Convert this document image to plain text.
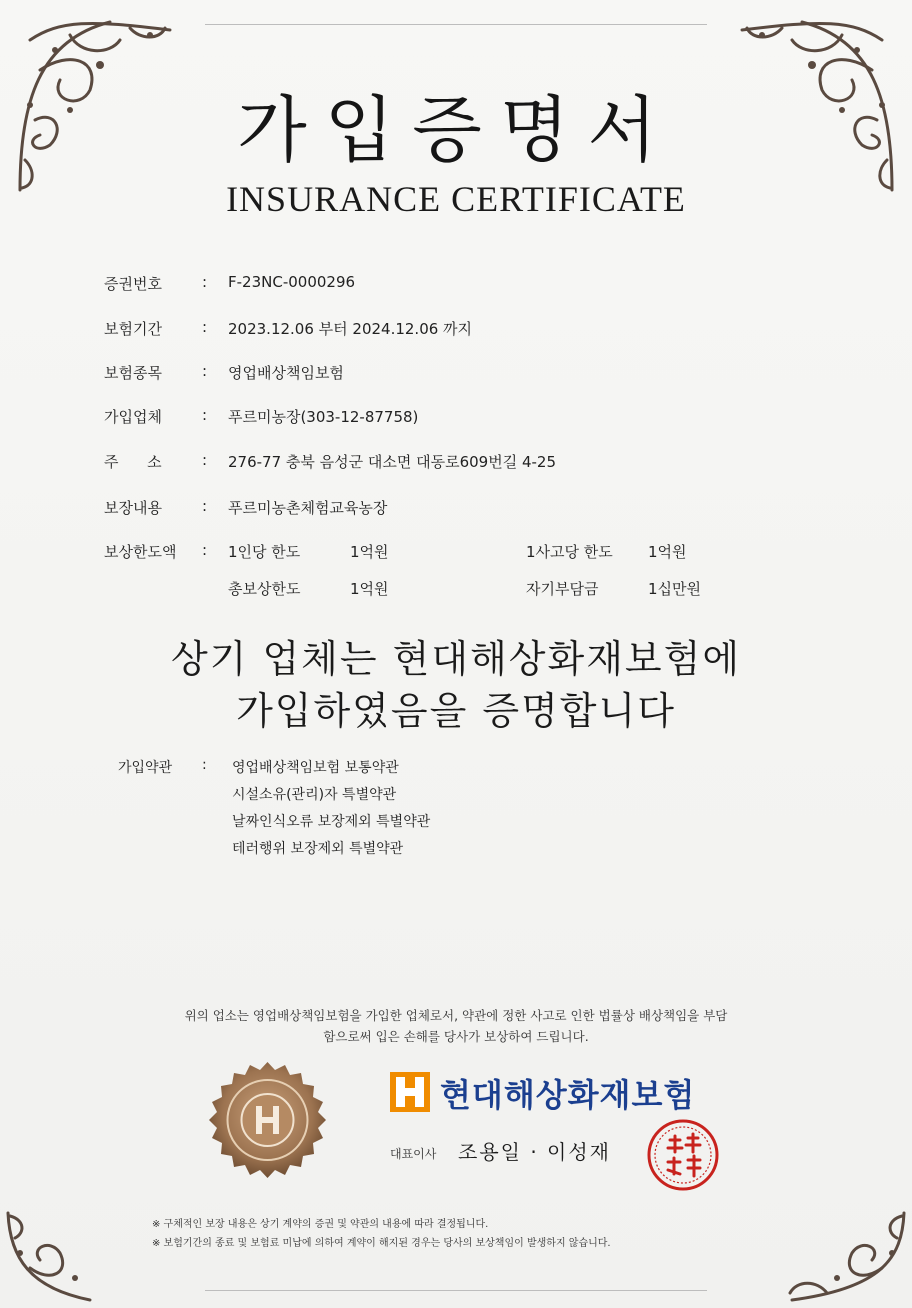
가입증명서
INSURANCE CERTIFICATE
증권번호	: F-23NC-0000296
보험기간	: 2023.12.06 부터 2024.12.06 까지
보험종목	: 영업배상책임보험
가입업체	: 푸르미농장(303-12-87758)
주      소	: 276-77 충북 음성군 대소면 대동로609번길 4-25
보장내용	: 푸르미농촌체험교육농장
보상한도액 : 1인당 한도	1억원	1사고당 한도 1억원
총보상한도	1억원	자기부담금	1십만원
상기 업체는 현대해상화재보험에
가입하였음을 증명합니다
가입약관 : 영업배상책임보험 보통약관
시설소유(관리)자 특별약관
날짜인식오류 보장제외 특별약관
테러행위 보장제외 특별약관
위의 업소는 영업배상책임보험을 가입한 업체로서, 약관에 정한 사고로 인한 법률상 배상책임을 부담
함으로써 입은 손해를 당사가 보상하여 드립니다.
현대해상화재보험
대표이사 조용일 · 이성재
※ 구체적인 보장 내용은 상기 계약의 증권 및 약관의 내용에 따라 결정됩니다.
※ 보험기간의 종료 및 보험료 미납에 의하여 계약이 해지된 경우는 당사의 보상책임이 발생하지 않습니다.
